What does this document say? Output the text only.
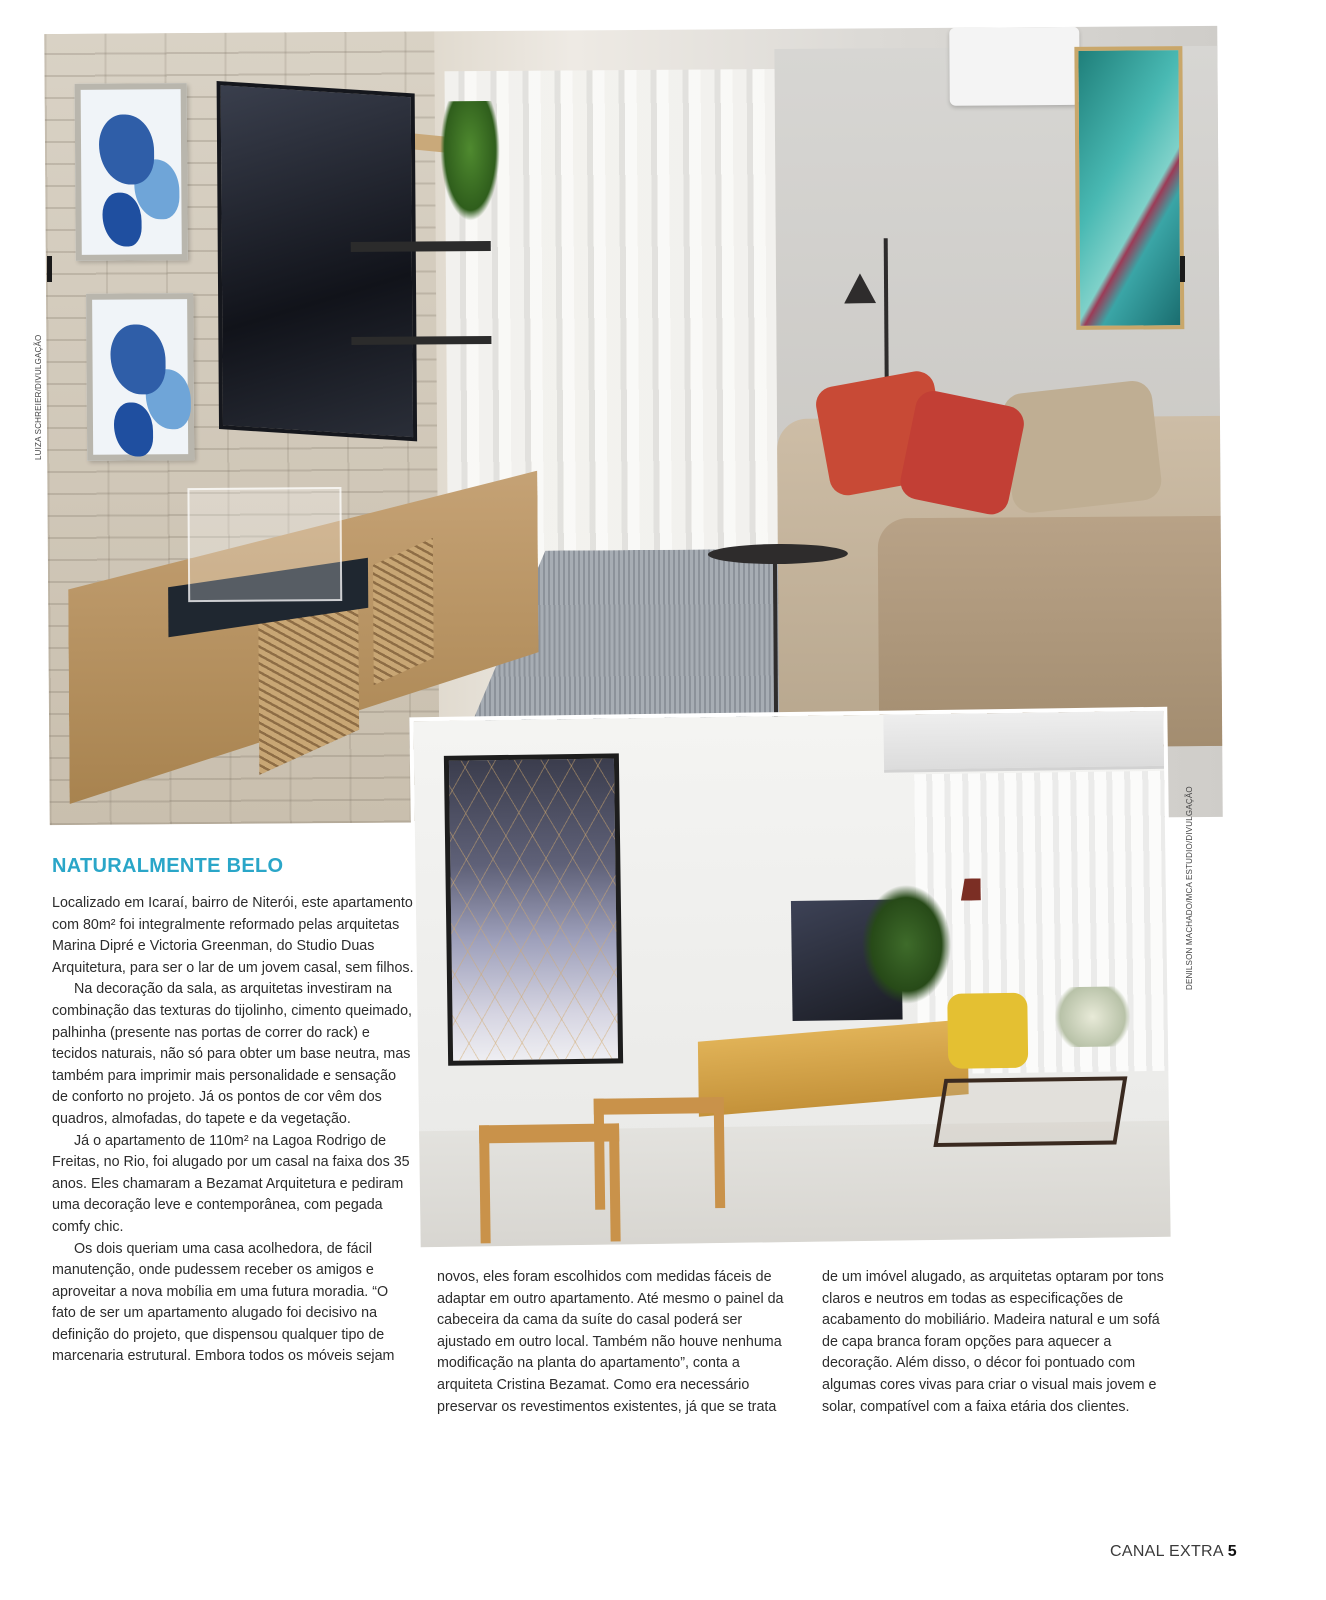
LUIZA SCHREIER/DIVULGAÇÃO
DENILSON MACHADO/MCA ESTUDIO/DIVULGAÇÃO
NATURALMENTE BELO

Localizado em Icaraí, bairro de Niterói, este apartamento com 80m² foi integralmente reformado pelas arquitetas Marina Dipré e Victoria Greenman, do Studio Duas Arquitetura, para ser o lar de um jovem casal, sem filhos.

Na decoração da sala, as arquitetas investiram na combinação das texturas do tijolinho, cimento queimado, palhinha (presente nas portas de correr do rack) e tecidos naturais, não só para obter um base neutra, mas também para imprimir mais personalidade e sensação de conforto no projeto. Já os pontos de cor vêm dos quadros, almofadas, do tapete e da vegetação.

Já o apartamento de 110m² na Lagoa Rodrigo de Freitas, no Rio, foi alugado por um casal na faixa dos 35 anos. Eles chamaram a Bezamat Arquitetura e pediram uma decoração leve e contemporânea, com pegada comfy chic.

Os dois queriam uma casa acolhedora, de fácil manutenção, onde pudessem receber os amigos e aproveitar a nova mobília em uma futura moradia. “O fato de ser um apartamento alugado foi decisivo na definição do projeto, que dispensou qualquer tipo de marcenaria estrutural. Embora todos os móveis sejam

novos, eles foram escolhidos com medidas fáceis de adaptar em outro apartamento. Até mesmo o painel da cabeceira da cama da suíte do casal poderá ser ajustado em outro local. Também não houve nenhuma modificação na planta do apartamento”, conta a arquiteta Cristina Bezamat. Como era necessário preservar os revestimentos existentes, já que se trata

de um imóvel alugado, as arquitetas optaram por tons claros e neutros em todas as especificações de acabamento do mobiliário. Madeira natural e um sofá de capa branca foram opções para aquecer a decoração. Além disso, o décor foi pontuado com algumas cores vivas para criar o visual mais jovem e solar, compatível com a faixa etária dos clientes.

CANAL EXTRA 5
